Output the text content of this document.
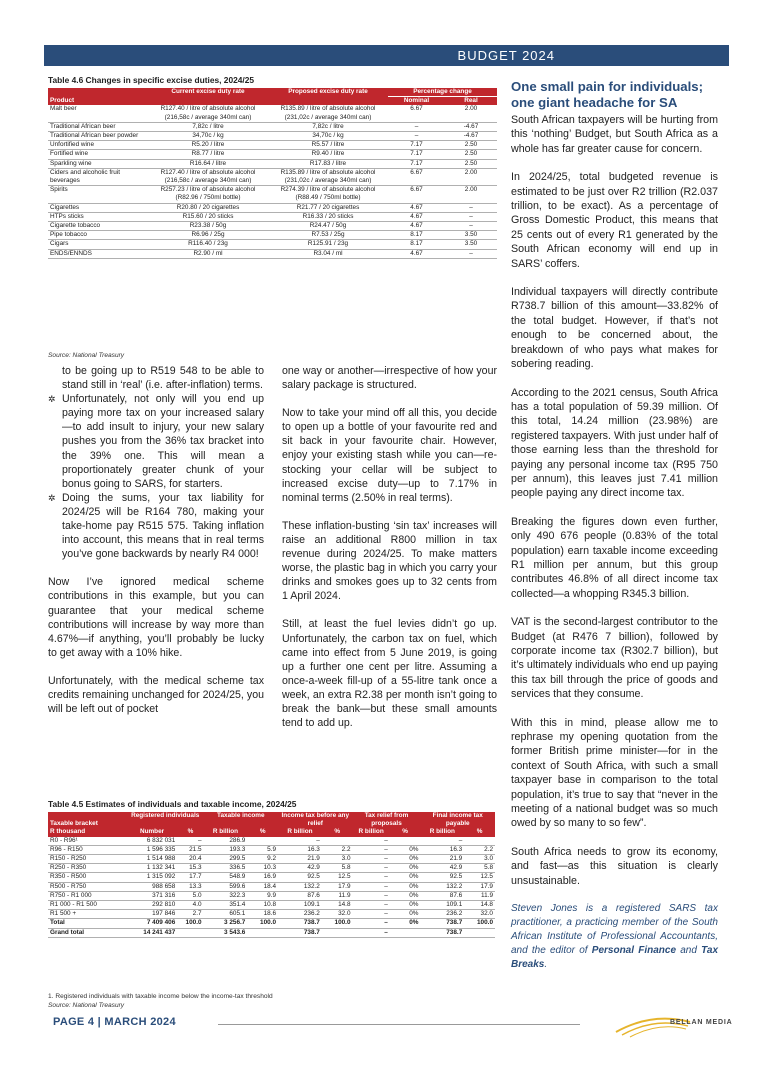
BUDGET 2024
Table 4.6 Changes in specific excise duties, 2024/25
Product	Current excise duty rate	Proposed excise duty rate	Percentage change	
			Nominal	Real
Malt beer	R127.40 / litre of absolute alcohol (216,58c / average 340ml can)	R135.89 / litre of absolute alcohol (231,02c / average 340ml can)	6.67	2.00
Traditional African beer	7,82c / litre	7,82c / litre	–	-4.67
Traditional African beer powder	34,70c / kg	34,70c / kg	–	-4.67
Unfortified wine	R5.20 / litre	R5.57 / litre	7.17	2.50
Fortified wine	R8.77 / litre	R9.40 / litre	7.17	2.50
Sparkling wine	R16.64 / litre	R17.83 / litre	7.17	2.50
Ciders and alcoholic fruit beverages	R127.40 / litre of absolute alcohol (216,58c / average 340ml can)	R135.89 / litre of absolute alcohol (231,02c / average 340ml can)	6.67	2.00
Spirits	R257.23 / litre of absolute alcohol (R82.96 / 750ml bottle)	R274.39 / litre of absolute alcohol (R88.49 / 750ml bottle)	6.67	2.00
Cigarettes	R20.80 / 20 cigarettes	R21.77 / 20 cigarettes	4.67	–
HTPs sticks	R15.60 / 20 sticks	R16.33 / 20 sticks	4.67	–
Cigarette tobacco	R23.38 / 50g	R24.47 / 50g	4.67	–
Pipe tobacco	R6.96 / 25g	R7.53 / 25g	8.17	3.50
Cigars	R116.40 / 23g	R125.91 / 23g	8.17	3.50
ENDS/ENNDS	R2.90 / ml	R3.04 / ml	4.67	–
Source: National Treasury
to be going up to R519 548 to be able to stand still in ‘real’ (i.e. after-inflation) terms.
✲ Unfortunately, not only will you end up paying more tax on your increased salary—to add insult to injury, your new salary pushes you from the 36% tax bracket into the 39% one. This will mean a proportionately greater chunk of your bonus going to SARS, for starters.
✲ Doing the sums, your tax liability for 2024/25 will be R164 780, making your take-home pay R515 575. Taking inflation into account, this means that in real terms you’ve gone backwards by nearly R4 000!

Now I’ve ignored medical scheme contributions in this example, but you can guarantee that your medical scheme contributions will increase by way more than 4.67%—if anything, you’ll probably be lucky to get away with a 10% hike.

Unfortunately, with the medical scheme tax credits remaining unchanged for 2024/25, you will be left out of pocket

one way or another—irrespective of how your salary package is structured.

Now to take your mind off all this, you decide to open up a bottle of your favourite red and sit back in your favourite chair. However, enjoy your existing stash while you can—re-stocking your cellar will be subject to increased excise duty—up to 7.17% in nominal terms (2.50% in real terms).

These inflation-busting ‘sin tax’ increases will raise an additional R800 million in tax revenue during 2024/25. To make matters worse, the plastic bag in which you carry your drinks and smokes goes up to 32 cents from 1 April 2024.

Still, at least the fuel levies didn’t go up. Unfortunately, the carbon tax on fuel, which came into effect from 5 June 2019, is going up a further one cent per litre. Assuming a once-a-week fill-up of a 55-litre tank once a week, an extra R2.38 per month isn’t going to break the bank—but these small amounts tend to add up.

Table 4.5 Estimates of individuals and taxable income, 2024/25
Taxable bracket	Registered individuals		Taxable income		Income tax before any relief		Tax relief from proposals		Final income tax payable	

R thousand	Number	%	R billion	%	R billion	%	R billion	%	R billion	%
R0 - R96¹	6 832 031	–	286.9		–		–		–	
R96 - R150	1 596 335	21.5	193.3	5.9	16.3	2.2	–	0%	16.3	2.2
R150 - R250	1 514 988	20.4	299.5	9.2	21.9	3.0	–	0%	21.9	3.0
R250 - R350	1 132 341	15.3	336.5	10.3	42.9	5.8	–	0%	42.9	5.8
R350 - R500	1 315 092	17.7	548.9	16.9	92.5	12.5	–	0%	92.5	12.5
R500 - R750	988 658	13.3	599.6	18.4	132.2	17.9	–	0%	132.2	17.9
R750 - R1 000	371 316	5.0	322.3	9.9	87.6	11.9	–	0%	87.6	11.9
R1 000 - R1 500	292 810	4.0	351.4	10.8	109.1	14.8	–	0%	109.1	14.8
R1 500 +	197 846	2.7	605.1	18.6	236.2	32.0	–	0%	236.2	32.0
Total	7 409 406	100.0	3 256.7	100.0	738.7	100.0	–	0%	738.7	100.0
Grand total	14 241 437		3 543.6		738.7		–		738.7	
1. Registered individuals with taxable income below the income-tax threshold
Source: National Treasury
One small pain for individuals; one giant headache for SA

South African taxpayers will be hurting from this ‘nothing’ Budget, but South Africa as a whole has far greater cause for concern.

In 2024/25, total budgeted revenue is estimated to be just over R2 trillion (R2.037 trillion, to be exact). As a percentage of Gross Domestic Product, this means that 25 cents out of every R1 generated by the South African economy will end up in SARS’ coffers.

Individual taxpayers will directly contribute R738.7 billion of this amount—33.82% of the total budget. However, if that’s not enough to be concerned about, the breakdown of who pays what makes for sobering reading.

According to the 2021 census, South Africa has a total population of 59.39 million. Of this total, 14.24 million (23.98%) are registered taxpayers. With just under half of those earning less than the threshold for paying any personal income tax (R95 750 per annum), this leaves just 7.41 million people paying any direct income tax.

Breaking the figures down even further, only 490 676 people (0.83% of the total population) earn taxable income exceeding R1 million per annum, but this group contributes 46.8% of all direct income tax collected—a whopping R345.3 billion.

VAT is the second-largest contributor to the Budget (at R476 7 billion), followed by corporate income tax (R302.7 billion), but it’s ultimately individuals who end up paying this tax bill through the price of goods and services that they consume.

With this in mind, please allow me to rephrase my opening quotation from the former British prime minister—for in the context of South Africa, with such a small taxpayer base in comparison to the total population, it’s true to say that “never in the meeting of a national budget was so much owed by so many to so few”.

South Africa needs to grow its economy, and fast—as this situation is clearly unsustainable.

Steven Jones is a registered SARS tax practitioner, a practicing member of the South African Institute of Professional Accountants, and the editor of Personal Finance and Tax Breaks.

PAGE 4 | MARCH 2024	BELLAN MEDIA
